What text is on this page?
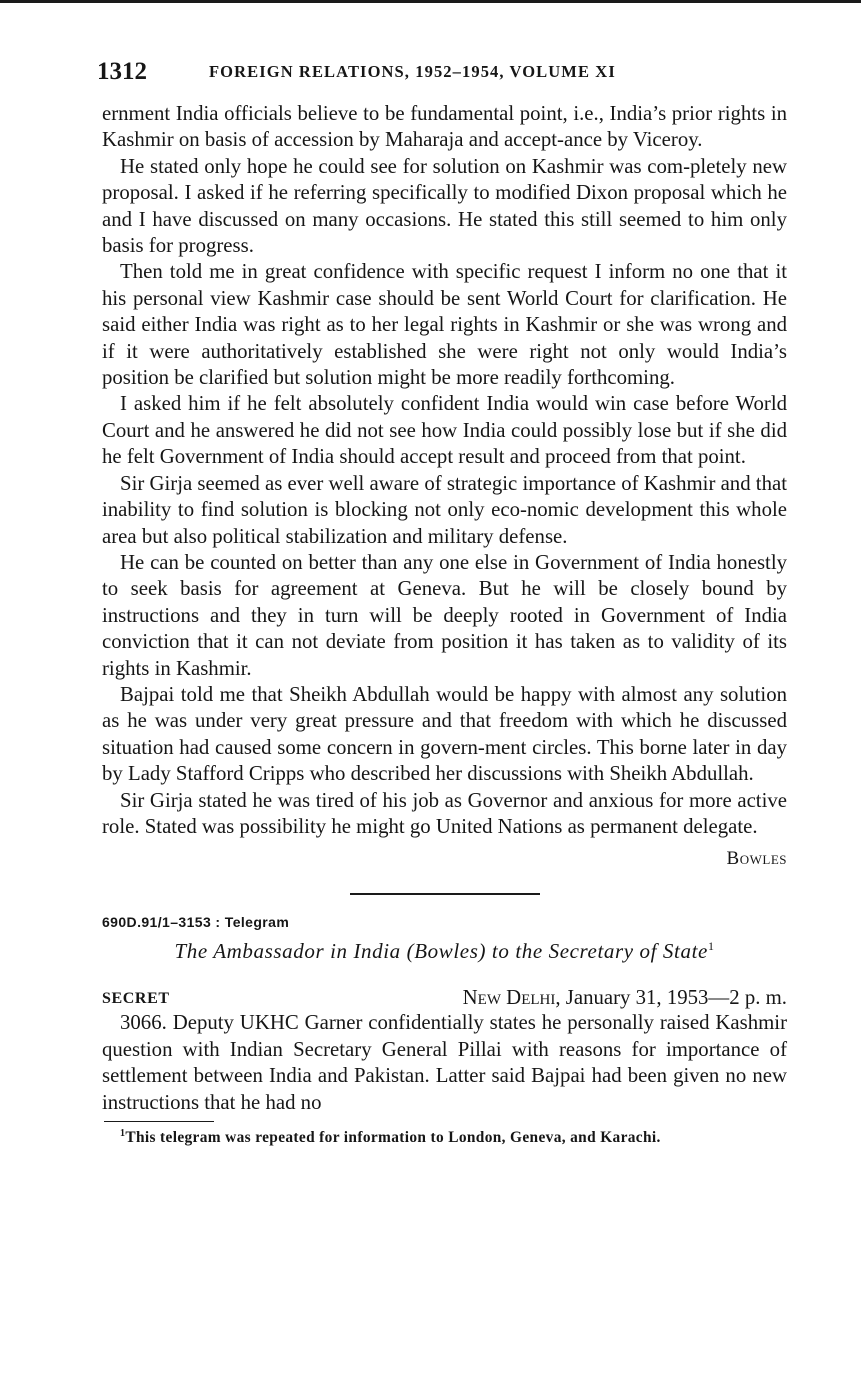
1312	FOREIGN RELATIONS, 1952–1954, VOLUME XI

ernment India officials believe to be fundamental point, i.e., India’s prior rights in Kashmir on basis of accession by Maharaja and accept-ance by Viceroy.

He stated only hope he could see for solution on Kashmir was com-pletely new proposal. I asked if he referring specifically to modified Dixon proposal which he and I have discussed on many occasions. He stated this still seemed to him only basis for progress.

Then told me in great confidence with specific request I inform no one that it his personal view Kashmir case should be sent World Court for clarification. He said either India was right as to her legal rights in Kashmir or she was wrong and if it were authoritatively established she were right not only would India’s position be clarified but solution might be more readily forthcoming.

I asked him if he felt absolutely confident India would win case before World Court and he answered he did not see how India could possibly lose but if she did he felt Government of India should accept result and proceed from that point.

Sir Girja seemed as ever well aware of strategic importance of Kashmir and that inability to find solution is blocking not only eco-nomic development this whole area but also political stabilization and military defense.

He can be counted on better than any one else in Government of India honestly to seek basis for agreement at Geneva. But he will be closely bound by instructions and they in turn will be deeply rooted in Government of India conviction that it can not deviate from position it has taken as to validity of its rights in Kashmir.

Bajpai told me that Sheikh Abdullah would be happy with almost any solution as he was under very great pressure and that freedom with which he discussed situation had caused some concern in govern-ment circles. This borne later in day by Lady Stafford Cripps who described her discussions with Sheikh Abdullah.

Sir Girja stated he was tired of his job as Governor and anxious for more active role. Stated was possibility he might go United Nations as permanent delegate.

Bowles
690D.91/1–3153 : Telegram
The Ambassador in India (Bowles) to the Secretary of State$^1$
SECRET	New Delhi, January 31, 1953—2 p. m.

3066. Deputy UKHC Garner confidentially states he personally raised Kashmir question with Indian Secretary General Pillai with reasons for importance of settlement between India and Pakistan. Latter said Bajpai had been given no new instructions that he had no

$^1$This telegram was repeated for information to London, Geneva, and Karachi.
